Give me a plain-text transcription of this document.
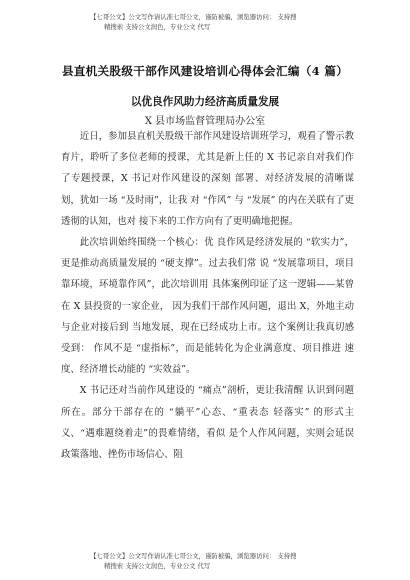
【七哥公文】公文写作请认准七哥公文，谨防被骗，浏览器访问： 支持搜
精搜索 支持公文润色，专业公文 代写
县直机关股级干部作风建设培训心得体会汇编（4 篇）
以优良作风助力经济高质量发展
X 县市场监督管理局办公室

近日，参加县直机关股级干部作风建设培训班学习，观看了警示教育片，聆听了多位老师的授课，尤其是新上任的 X 书记亲自对我们作了专题授课，X 书记对作风建设的深刻 部署、对经济发展的清晰谋划，犹如一场 “及时雨”，让我 对 “作风” 与 “发展” 的内在关联有了更透彻的认知，也对 接下来的工作方向有了更明确地把握。

此次培训始终围绕一个核心：优 良作风是经济发展的 “软实力”，更是推动高质量发展的 “硬支撑”。过去我们常 说 “发展靠项目，项目靠环境，环境靠作风”，此次培训用 具体案例印证了这一逻辑——某曾在 X 县投资的一家企业， 因为我们干部作风问题，退出 X，外地主动与企业对接后到 当地发展，现在已经成功上市。这个案例让我真切感受到： 作风不是 “虚指标”，而是能转化为企业满意度、项目推进 速度、经济增长动能的 “实效益”。

X 书记还对当前作风建设的 “痛点”剖析，更让我清醒 认识到问题所在。部分干部存在的 “躺平”心态、“重表态 轻落实” 的形式主义、“遇难题绕着走”的畏难情绪，看似 是个人作风问题，实则会延误政策落地、挫伤市场信心、阻

【七哥公文】公文写作请认准七哥公文，谨防被骗，浏览器访问： 支持搜
精搜索 支持公文润色，专业公文 代写
